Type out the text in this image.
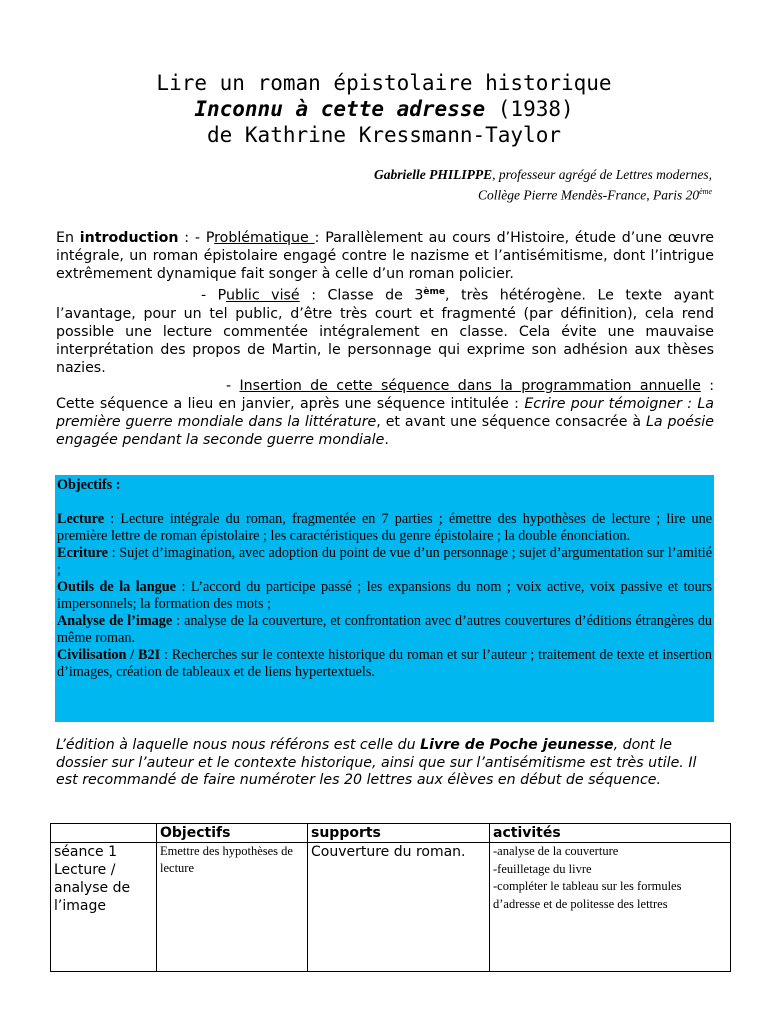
Lire un roman épistolaire historique
Inconnu à cette adresse (1938)
de Kathrine Kressmann-Taylor
Gabrielle PHILIPPE, professeur agrégé de Lettres modernes,
Collège Pierre Mendès-France, Paris 20ème

En introduction : - Problématique : Parallèlement au cours d’Histoire, étude d’une œuvre intégrale, un roman épistolaire engagé contre le nazisme et l’antisémitisme, dont l’intrigue extrêmement dynamique fait songer à celle d’un roman policier.

- Public visé : Classe de 3ème, très hétérogène. Le texte ayant l’avantage, pour un tel public, d’être très court et fragmenté (par définition), cela rend possible une lecture commentée intégralement en classe. Cela évite une mauvaise interprétation des propos de Martin, le personnage qui exprime son adhésion aux thèses nazies.

- Insertion de cette séquence dans la programmation annuelle : Cette séquence a lieu en janvier, après une séquence intitulée : Ecrire pour témoigner : La première guerre mondiale dans la littérature, et avant une séquence consacrée à La poésie engagée pendant la seconde guerre mondiale.

Objectifs :

Lecture : Lecture intégrale du roman, fragmentée en 7 parties ; émettre des hypothèses de lecture ; lire une première lettre de roman épistolaire ; les caractéristiques du genre épistolaire ; la double énonciation.

Ecriture : Sujet d’imagination, avec adoption du point de vue d’un personnage ; sujet d’argumentation sur l’amitié ;

Outils de la langue : L’accord du participe passé ; les expansions du nom ; voix active, voix passive et tours impersonnels; la formation des mots ;

Analyse de l’image : analyse de la couverture, et confrontation avec d’autres couvertures d’éditions étrangères du même roman.

Civilisation / B2I : Recherches sur le contexte historique du roman et sur l’auteur ; traitement de texte et insertion d’images, création de tableaux et de liens hypertextuels.

L’édition à laquelle nous nous référons est celle du Livre de Poche jeunesse, dont le dossier sur l’auteur et le contexte historique, ainsi que sur l’antisémitisme est très utile. Il est recommandé de faire numéroter les 20 lettres aux élèves en début de séquence.
	Objectifs	supports	activités

séance 1
Lecture /
analyse de
l’image	Emettre des hypothèses de lecture	Couverture du roman.	-analyse de la couverture
-feuilletage du livre
-compléter le tableau sur les formules d’adresse et de politesse des lettres
